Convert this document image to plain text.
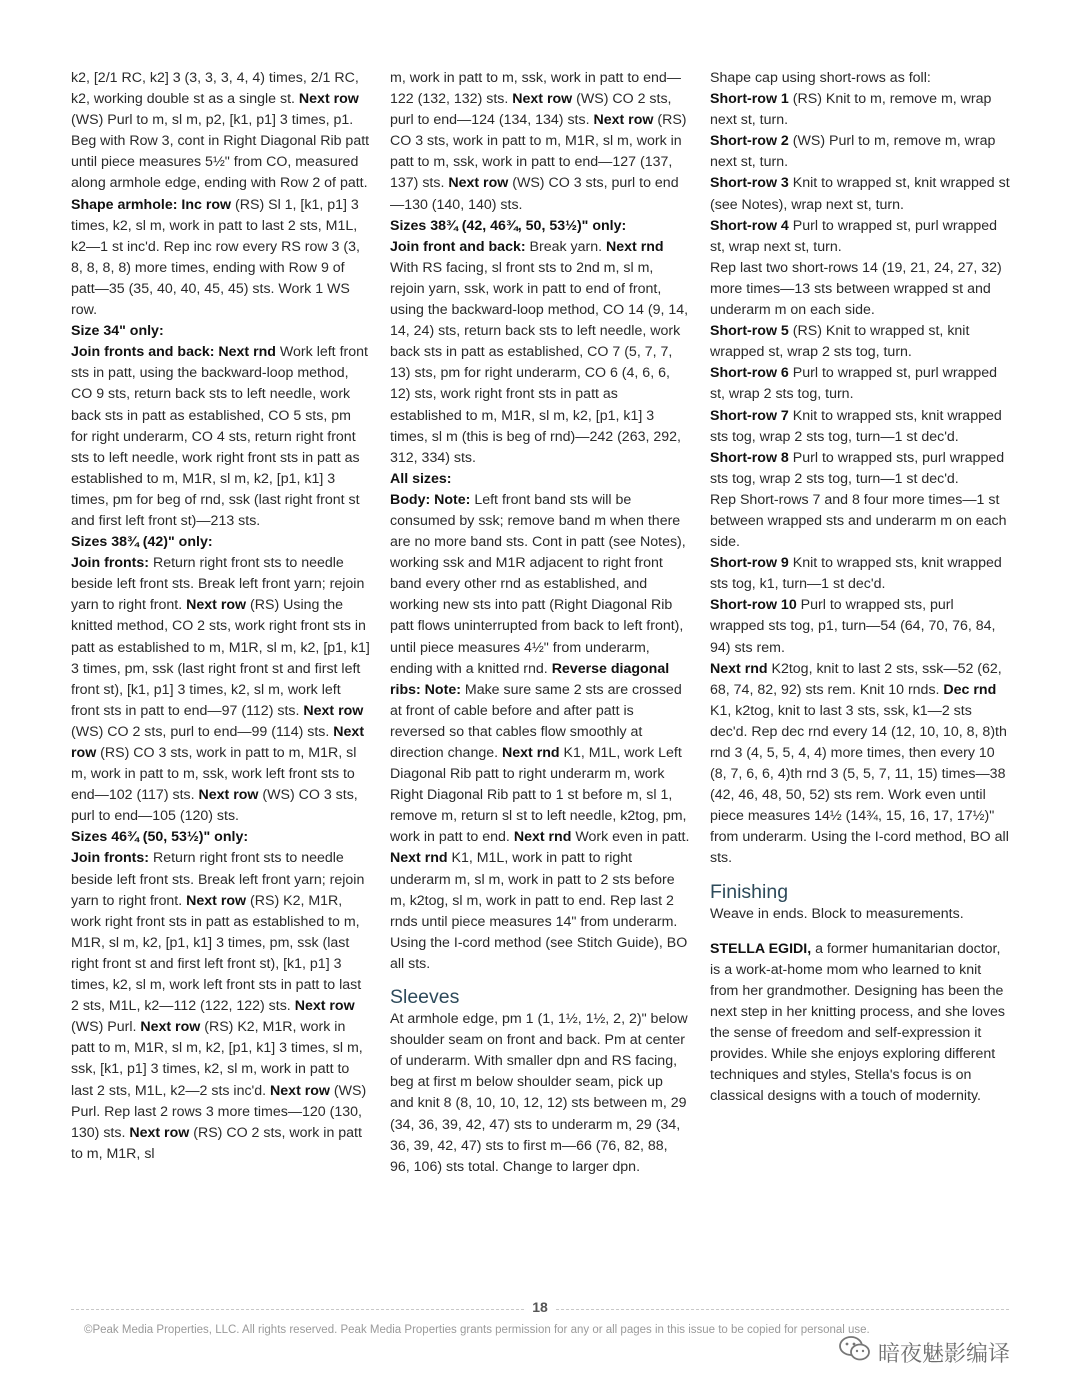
k2, [2/1 RC, k2] 3 (3, 3, 3, 4, 4) times, 2/1 RC, k2, working double st as a single st. Next row (WS) Purl to m, sl m, p2, [k1, p1] 3 times, p1. Beg with Row 3, cont in Right Diagonal Rib patt until piece measures 5½" from CO, measured along armhole edge, ending with Row 2 of patt. Shape armhole: Inc row (RS) Sl 1, [k1, p1] 3 times, k2, sl m, work in patt to last 2 sts, M1L, k2—1 st inc'd. Rep inc row every RS row 3 (3, 8, 8, 8, 8) more times, ending with Row 9 of patt—35 (35, 40, 40, 45, 45) sts. Work 1 WS row.

Size 34" only:

Join fronts and back: Next rnd Work left front sts in patt, using the backward-loop method, CO 9 sts, return back sts to left needle, work back sts in patt as established, CO 5 sts, pm for right underarm, CO 4 sts, return right front sts to left needle, work right front sts in patt as established to m, M1R, sl m, k2, [p1, k1] 3 times, pm for beg of rnd, ssk (last right front st and first left front st)—213 sts.

Sizes 38¾ (42)" only:

Join fronts: Return right front sts to needle beside left front sts. Break left front yarn; rejoin yarn to right front. Next row (RS) Using the knitted method, CO 2 sts, work right front sts in patt as established to m, M1R, sl m, k2, [p1, k1] 3 times, pm, ssk (last right front st and first left front st), [k1, p1] 3 times, k2, sl m, work left front sts in patt to end—97 (112) sts. Next row (WS) CO 2 sts, purl to end—99 (114) sts. Next row (RS) CO 3 sts, work in patt to m, M1R, sl m, work in patt to m, ssk, work left front sts to end—102 (117) sts. Next row (WS) CO 3 sts, purl to end—105 (120) sts.

Sizes 46¾ (50, 53½)" only:

Join fronts: Return right front sts to needle beside left front sts. Break left front yarn; rejoin yarn to right front. Next row (RS) K2, M1R, work right front sts in patt as established to m, M1R, sl m, k2, [p1, k1] 3 times, pm, ssk (last right front st and first left front st), [k1, p1] 3 times, k2, sl m, work left front sts in patt to last 2 sts, M1L, k2—112 (122, 122) sts. Next row (WS) Purl. Next row (RS) K2, M1R, work in patt to m, M1R, sl m, k2, [p1, k1] 3 times, sl m, ssk, [k1, p1] 3 times, k2, sl m, work in patt to last 2 sts, M1L, k2—2 sts inc'd. Next row (WS) Purl. Rep last 2 rows 3 more times—120 (130, 130) sts. Next row (RS) CO 2 sts, work in patt to m, M1R, sl

m, work in patt to m, ssk, work in patt to end—122 (132, 132) sts. Next row (WS) CO 2 sts, purl to end—124 (134, 134) sts. Next row (RS) CO 3 sts, work in patt to m, M1R, sl m, work in patt to m, ssk, work in patt to end—127 (137, 137) sts. Next row (WS) CO 3 sts, purl to end—130 (140, 140) sts.

Sizes 38¾ (42, 46¾, 50, 53½)" only:

Join front and back: Break yarn. Next rnd With RS facing, sl front sts to 2nd m, sl m, rejoin yarn, ssk, work in patt to end of front, using the backward-loop method, CO 14 (9, 14, 14, 24) sts, return back sts to left needle, work back sts in patt as established, CO 7 (5, 7, 7, 13) sts, pm for right underarm, CO 6 (4, 6, 6, 12) sts, work right front sts in patt as established to m, M1R, sl m, k2, [p1, k1] 3 times, sl m (this is beg of rnd)—242 (263, 292, 312, 334) sts.

All sizes:

Body: Note: Left front band sts will be consumed by ssk; remove band m when there are no more band sts. Cont in patt (see Notes), working ssk and M1R adjacent to right front band every other rnd as established, and working new sts into patt (Right Diagonal Rib patt flows uninterrupted from back to left front), until piece measures 4½" from underarm, ending with a knitted rnd. Reverse diagonal ribs: Note: Make sure same 2 sts are crossed at front of cable before and after patt is reversed so that cables flow smoothly at direction change. Next rnd K1, M1L, work Left Diagonal Rib patt to right underarm m, work Right Diagonal Rib patt to 1 st before m, sl 1, remove m, return sl st to left needle, k2tog, pm, work in patt to end. Next rnd Work even in patt. Next rnd K1, M1L, work in patt to right underarm m, sl m, work in patt to 2 sts before m, k2tog, sl m, work in patt to end. Rep last 2 rnds until piece measures 14" from underarm. Using the I-cord method (see Stitch Guide), BO all sts.

Sleeves

At armhole edge, pm 1 (1, 1½, 1½, 2, 2)" below shoulder seam on front and back. Pm at center of underarm. With smaller dpn and RS facing, beg at first m below shoulder seam, pick up and knit 8 (8, 10, 10, 12, 12) sts between m, 29 (34, 36, 39, 42, 47) sts to underarm m, 29 (34, 36, 39, 42, 47) sts to first m—66 (76, 82, 88, 96, 106) sts total. Change to larger dpn.

Shape cap using short-rows as foll:

Short-row 1 (RS) Knit to m, remove m, wrap next st, turn.

Short-row 2 (WS) Purl to m, remove m, wrap next st, turn.

Short-row 3 Knit to wrapped st, knit wrapped st (see Notes), wrap next st, turn.

Short-row 4 Purl to wrapped st, purl wrapped st, wrap next st, turn.

Rep last two short-rows 14 (19, 21, 24, 27, 32) more times—13 sts between wrapped st and underarm m on each side.

Short-row 5 (RS) Knit to wrapped st, knit wrapped st, wrap 2 sts tog, turn.

Short-row 6 Purl to wrapped st, purl wrapped st, wrap 2 sts tog, turn.

Short-row 7 Knit to wrapped sts, knit wrapped sts tog, wrap 2 sts tog, turn—1 st dec'd.

Short-row 8 Purl to wrapped sts, purl wrapped sts tog, wrap 2 sts tog, turn—1 st dec'd.

Rep Short-rows 7 and 8 four more times—1 st between wrapped sts and underarm m on each side.

Short-row 9 Knit to wrapped sts, knit wrapped sts tog, k1, turn—1 st dec'd.

Short-row 10 Purl to wrapped sts, purl wrapped sts tog, p1, turn—54 (64, 70, 76, 84, 94) sts rem.

Next rnd K2tog, knit to last 2 sts, ssk—52 (62, 68, 74, 82, 92) sts rem. Knit 10 rnds. Dec rnd K1, k2tog, knit to last 3 sts, ssk, k1—2 sts dec'd. Rep dec rnd every 14 (12, 10, 10, 8, 8)th rnd 3 (4, 5, 5, 4, 4) more times, then every 10 (8, 7, 6, 6, 4)th rnd 3 (5, 5, 7, 11, 15) times—38 (42, 46, 48, 50, 52) sts rem. Work even until piece measures 14½ (14¾, 15, 16, 17, 17½)" from underarm. Using the I-cord method, BO all sts.

Finishing

Weave in ends. Block to measurements.

STELLA EGIDI, a former humanitarian doctor, is a work-at-home mom who learned to knit from her grandmother. Designing has been the next step in her knitting process, and she loves the sense of freedom and self-expression it provides. While she enjoys exploring different techniques and styles, Stella's focus is on classical designs with a touch of modernity.

18
©Peak Media Properties, LLC. All rights reserved. Peak Media Properties grants permission for any or all pages in this issue to be copied for personal use.
暗夜魅影编译
